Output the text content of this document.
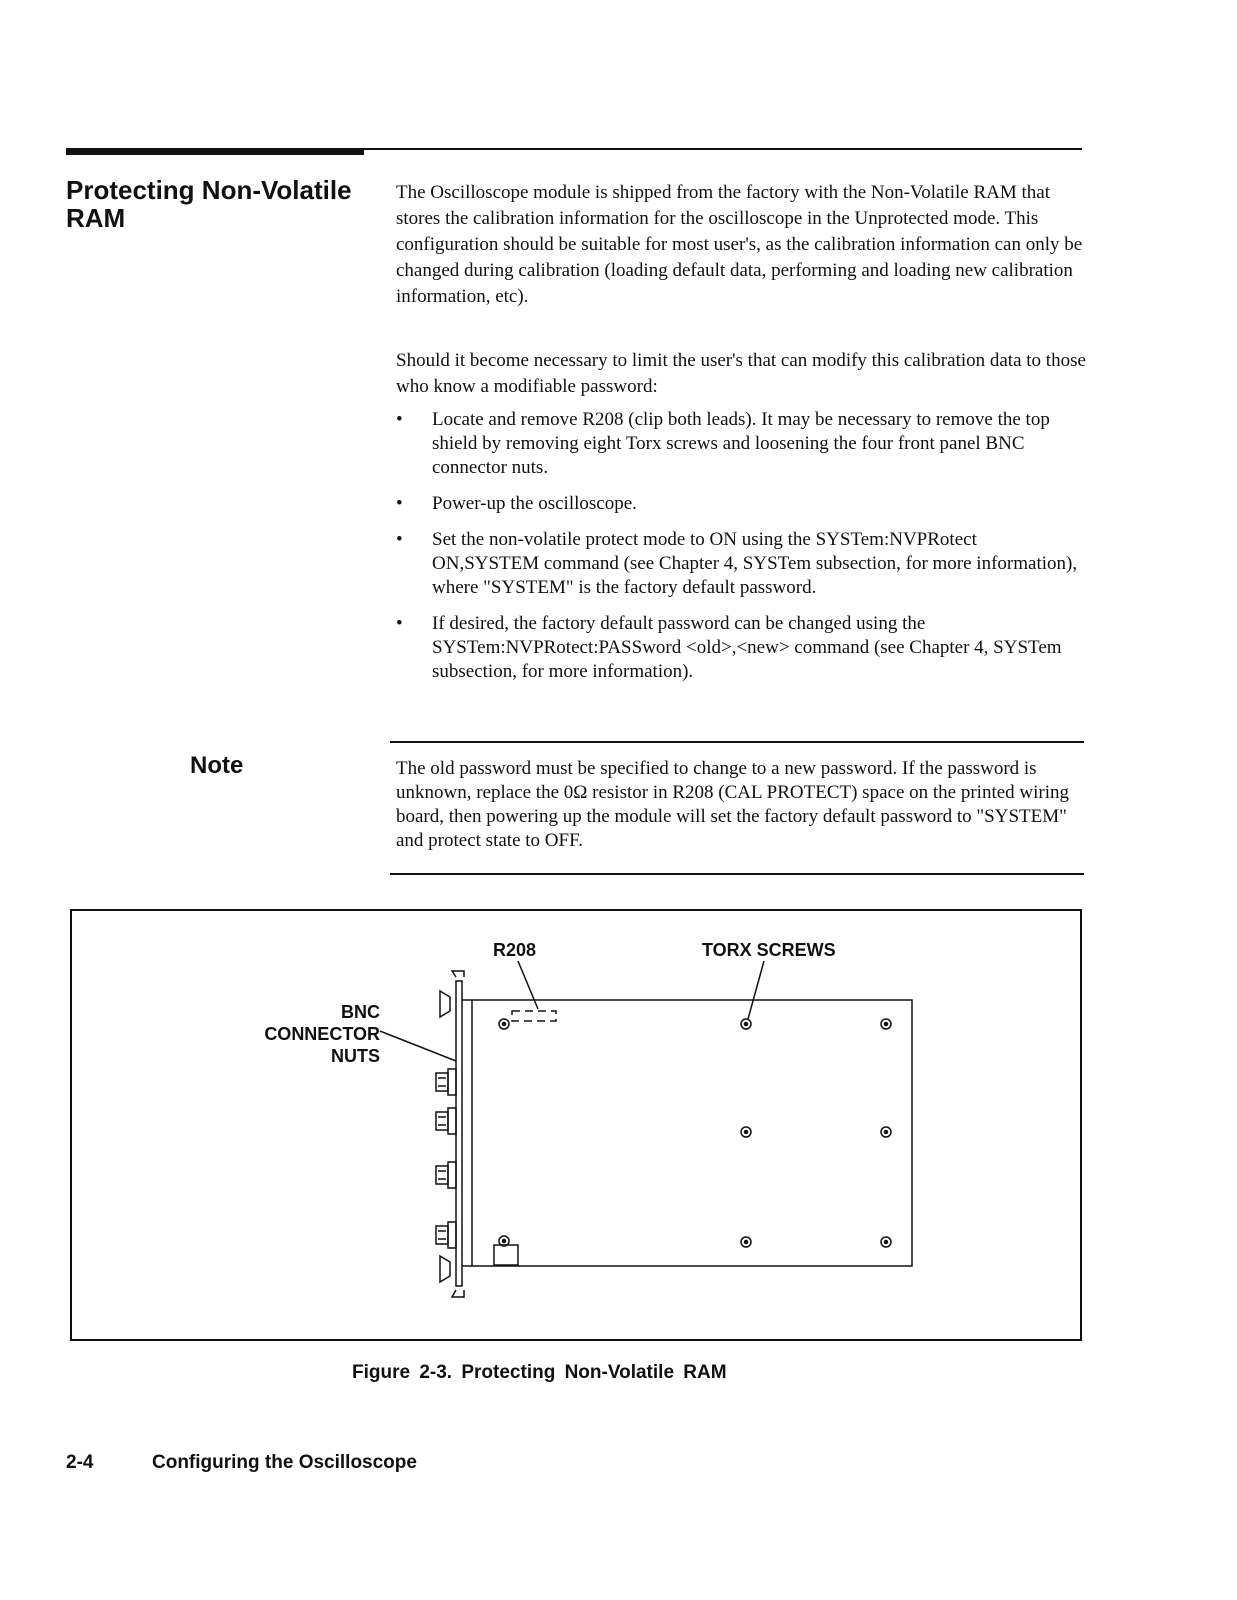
Protecting Non-Volatile RAM

The Oscilloscope module is shipped from the factory with the Non-Volatile RAM that stores the calibration information for the oscilloscope in the Unprotected mode. This configuration should be suitable for most user's, as the calibration information can only be changed during calibration (loading default data, performing and loading new calibration information, etc).

Should it become necessary to limit the user's that can modify this calibration data to those who know a modifiable password:

• Locate and remove R208 (clip both leads). It may be necessary to remove the top shield by removing eight Torx screws and loosening the four front panel BNC connector nuts.
• Power-up the oscilloscope.
• Set the non-volatile protect mode to ON using the SYSTem:NVPRotect ON,SYSTEM command (see Chapter 4, SYSTem subsection, for more information), where "SYSTEM" is the factory default password.
• If desired, the factory default password can be changed using the SYSTem:NVPRotect:PASSword <old>,<new> command (see Chapter 4, SYSTem subsection, for more information).
Note	The old password must be specified to change to a new password. If the password is unknown, replace the 0Ω resistor in R208 (CAL PROTECT) space on the printed wiring board, then powering up the module will set the factory default password to "SYSTEM" and protect state to OFF.

R208	TORX SCREWS

BNC
CONNECTOR
NUTS

Figure 2-3. Protecting Non-Volatile RAM

2-4	Configuring the Oscilloscope
